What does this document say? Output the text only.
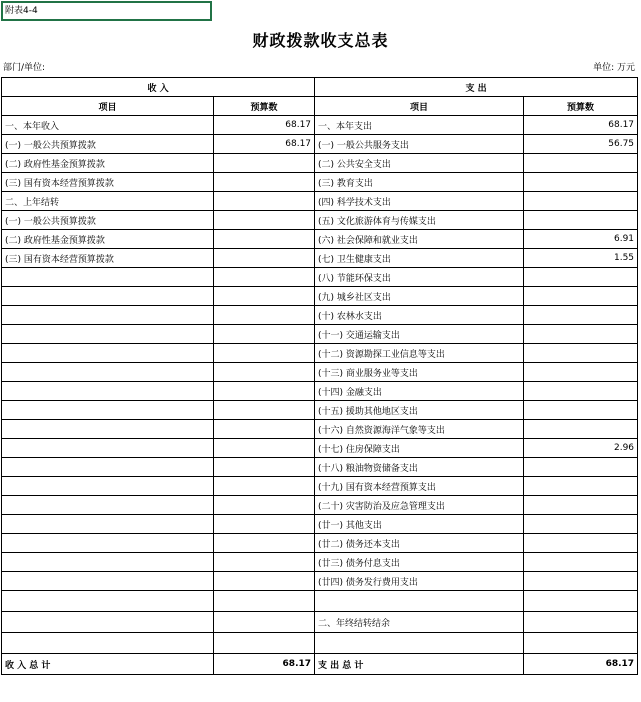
附表4-4
财政拨款收支总表
部门/单位:	单位: 万元
收 入		支 出	
项目	预算数	项目	预算数
一、本年收入	68.17	一、本年支出	68.17
(一) 一般公共预算拨款	68.17	(一) 一般公共服务支出	56.75
(二) 政府性基金预算拨款		(二) 公共安全支出	
(三) 国有资本经营预算拨款		(三) 教育支出	
二、上年结转		(四) 科学技术支出	
(一) 一般公共预算拨款		(五) 文化旅游体育与传媒支出	
(二) 政府性基金预算拨款		(六) 社会保障和就业支出	6.91
(三) 国有资本经营预算拨款		(七) 卫生健康支出	1.55
		(八) 节能环保支出	
		(九) 城乡社区支出	
		(十) 农林水支出	
		(十一) 交通运输支出	
		(十二) 资源勘探工业信息等支出	
		(十三) 商业服务业等支出	
		(十四) 金融支出	
		(十五) 援助其他地区支出	
		(十六) 自然资源海洋气象等支出	
		(十七) 住房保障支出	2.96
		(十八) 粮油物资储备支出	
		(十九) 国有资本经营预算支出	
		(二十) 灾害防治及应急管理支出	
		(廿一) 其他支出	
		(廿二) 债务还本支出	
		(廿三) 债务付息支出	
		(廿四) 债务发行费用支出	

		二、年终结转结余	

收 入 总 计	68.17	支 出 总 计	68.17
